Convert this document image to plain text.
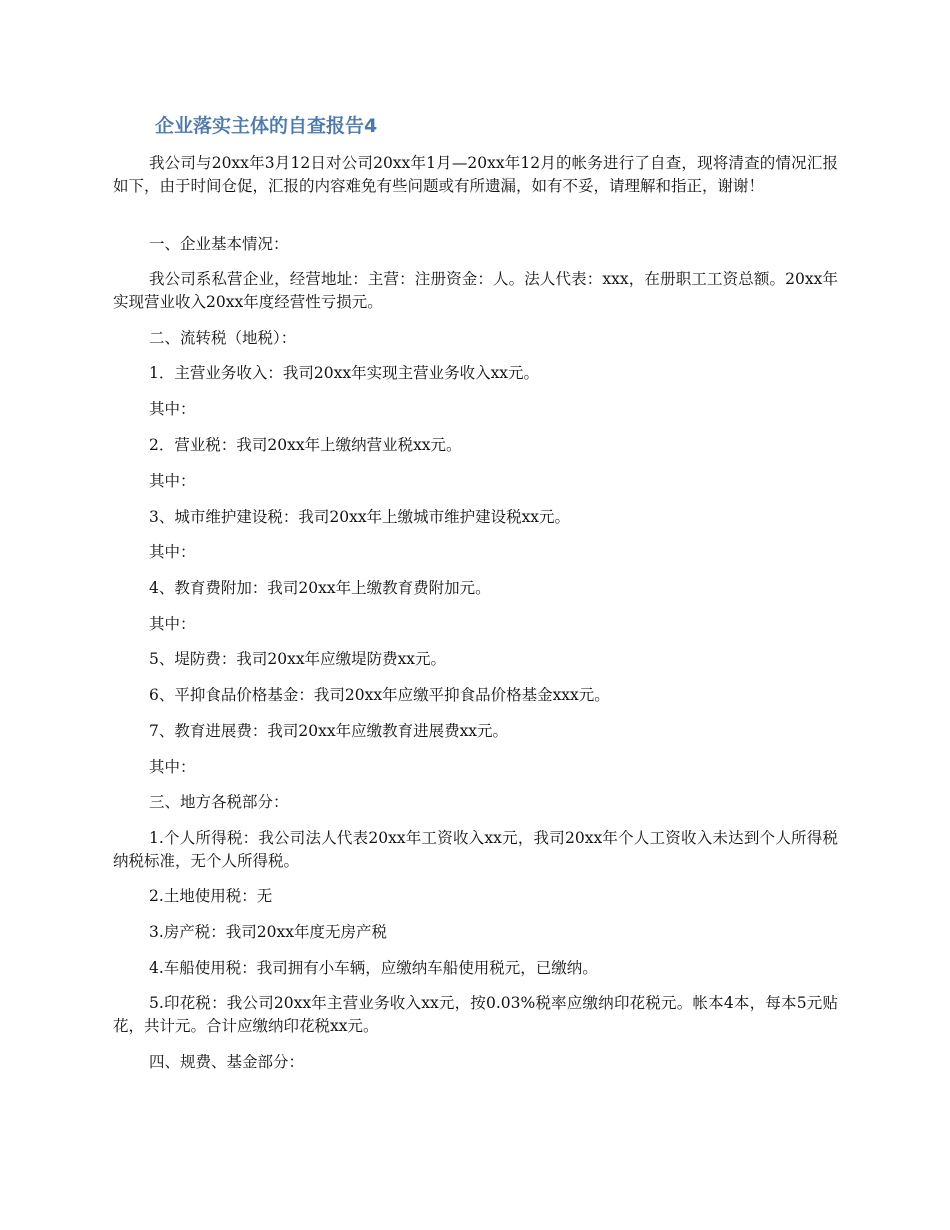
企业落实主体的自查报告4

我公司与20xx年3月12日对公司20xx年1月—20xx年12月的帐务进行了自查，现将清查的情况汇报如下，由于时间仓促，汇报的内容难免有些问题或有所遗漏，如有不妥，请理解和指正，谢谢！

一、企业基本情况：

我公司系私营企业，经营地址：主营：注册资金：人。法人代表：xxx，在册职工工资总额。20xx年实现营业收入20xx年度经营性亏损元。

二、流转税（地税）：

1．主营业务收入：我司20xx年实现主营业务收入xx元。

其中：

2．营业税：我司20xx年上缴纳营业税xx元。

其中：

3、城市维护建设税：我司20xx年上缴城市维护建设税xx元。

其中：

4、教育费附加：我司20xx年上缴教育费附加元。

其中：

5、堤防费：我司20xx年应缴堤防费xx元。

6、平抑食品价格基金：我司20xx年应缴平抑食品价格基金xxx元。

7、教育进展费：我司20xx年应缴教育进展费xx元。

其中：

三、地方各税部分：

1.个人所得税：我公司法人代表20xx年工资收入xx元，我司20xx年个人工资收入未达到个人所得税纳税标准，无个人所得税。

2.土地使用税：无

3.房产税：我司20xx年度无房产税

4.车船使用税：我司拥有小车辆，应缴纳车船使用税元，已缴纳。

5.印花税：我公司20xx年主营业务收入xx元，按0.03%税率应缴纳印花税元。帐本4本，每本5元贴花，共计元。合计应缴纳印花税xx元。

四、规费、基金部分：
